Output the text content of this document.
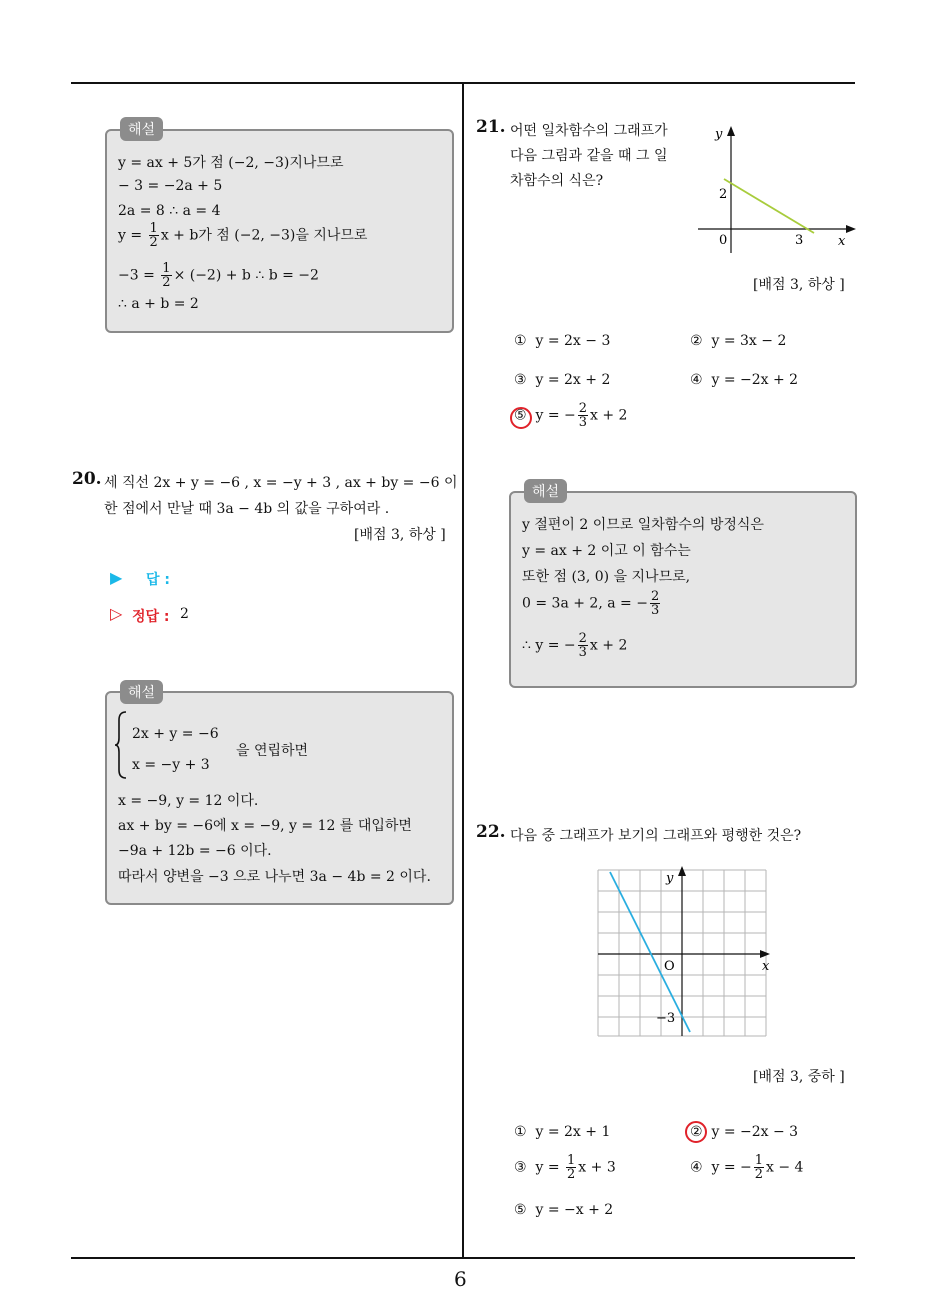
6
해설
y = ax + 5가 점 (−2, −3)지나므로
− 3 = −2a + 5
2a = 8 ∴ a = 4
$y = \frac{1}{2}$ x + b가 점 (−2, −3)을 지나므로
$-3 = \frac{1}{2} \times (-2) + b$ ∴ b = −2
∴ a + b = 2
20. 세 직선 2x + y = −6 , x = −y + 3 , ax + by = −6 이
한 점에서 만날 때 3a − 4b 의 값을 구하여라 .
[배점 3, 하상 ]
▶ 답 :
▷ 정답 : 2
해설
2x + y = −6
x = −y + 3
을 연립하면
x = −9, y = 12 이다.
ax + by = −6에 x = −9, y = 12 를 대입하면
−9a + 12b = −6 이다.
따라서 양변을 −3 으로 나누면 3a − 4b = 2 이다.
21. 어떤 일차함수의 그래프가
다음 그림과 같을 때 그 일
차함수의 식은?
y
x
0
2
3
[배점 3, 하상 ]
① y = 2x − 3	② y = 3x − 2
③ y = 2x + 2	④ y = −2x + 2
⑤ y = − $\frac{2}{3}$ x + 2
해설
y 절편이 2 이므로 일차함수의 방정식은
y = ax + 2 이고 이 함수는
또한 점 (3, 0) 을 지나므로,
0 = 3a + 2, a = − $\frac{2}{3}$
∴ y = − $\frac{2}{3}$ x + 2
22. 다음 중 그래프가 보기의 그래프와 평행한 것은?
y
x
O
−3
[배점 3, 중하 ]
① y = 2x + 1	② y = −2x − 3
③ $y = \frac{1}{2}$ x + 3	④ y = − $\frac{1}{2}$ x − 4
⑤ y = −x + 2
